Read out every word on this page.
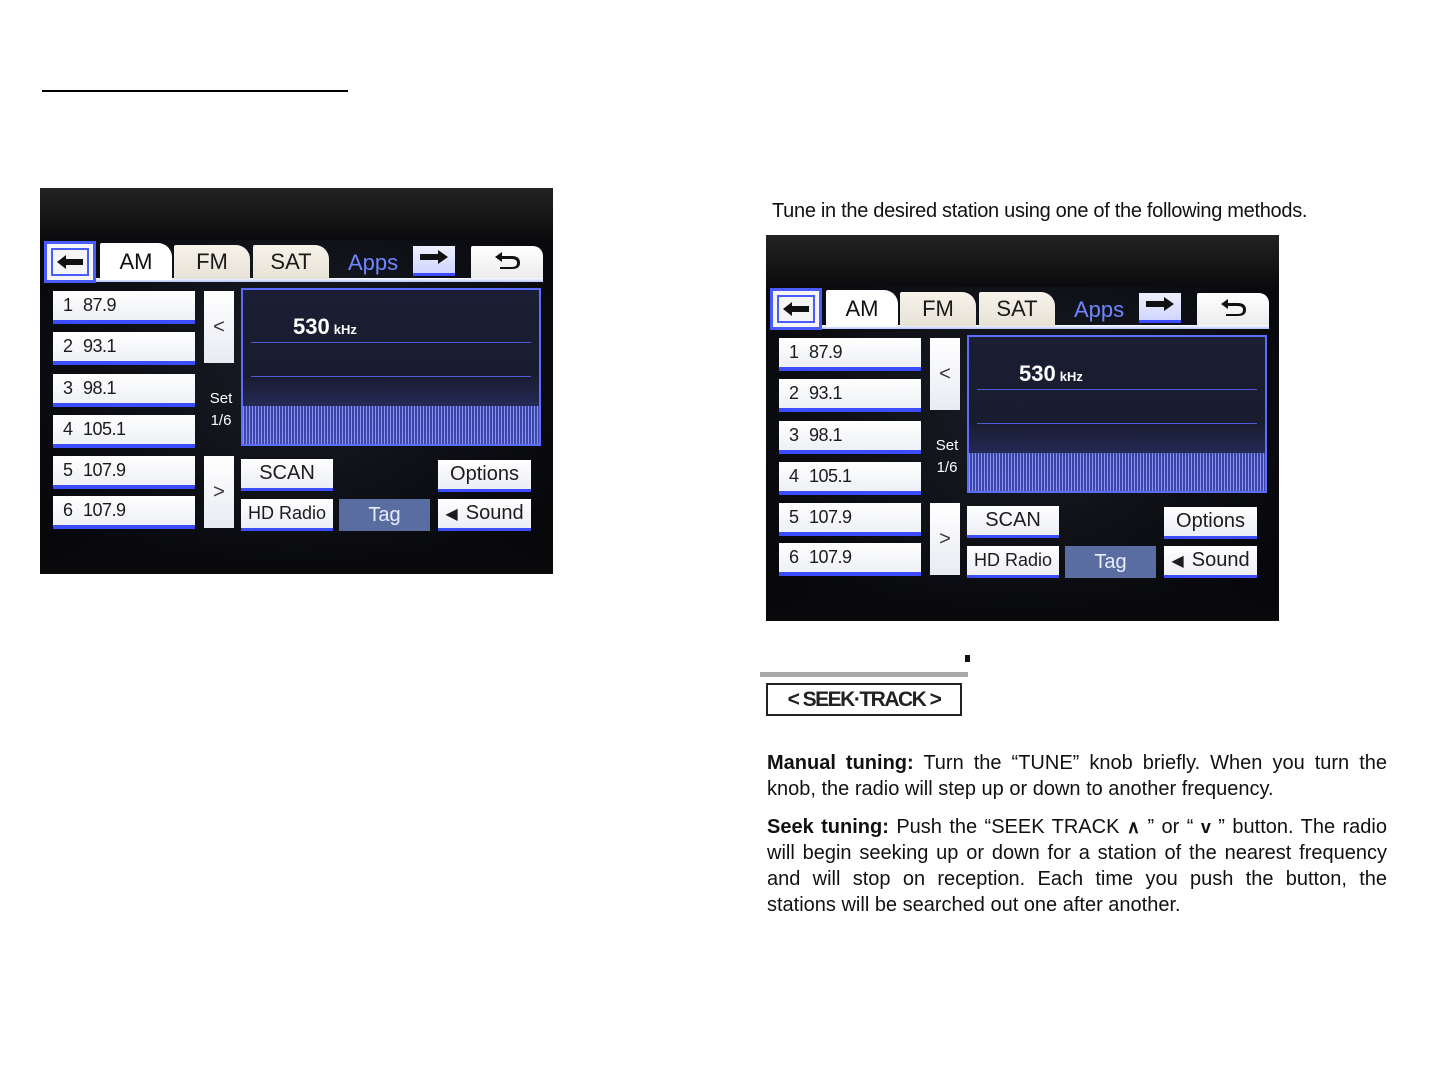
AM FM SAT Apps
1 87.9
2 93.1
3 98.1
4 105.1
5 107.9
6 107.9
<
Set
1/6
>
530 kHz
SCAN	Options
HD Radio Tag	◀ Sound
AM FM SAT Apps
1 87.9
2 93.1
3 98.1
4 105.1
5 107.9
6 107.9
<
Set
1/6
>
530 kHz
SCAN	Options
HD Radio Tag	◀ Sound
Tune in the desired station using one of the following methods.
< SEEK·TRACK >
Manual tuning: Turn the “TUNE” knob briefly. When you turn the knob, the radio will step up or down to another frequency.
Seek tuning: Push the “SEEK TRACK ∧ ” or “ v ” button. The radio will begin seeking up or down for a station of the nearest frequency and will stop on reception. Each time you push the button, the stations will be searched out one after another.
